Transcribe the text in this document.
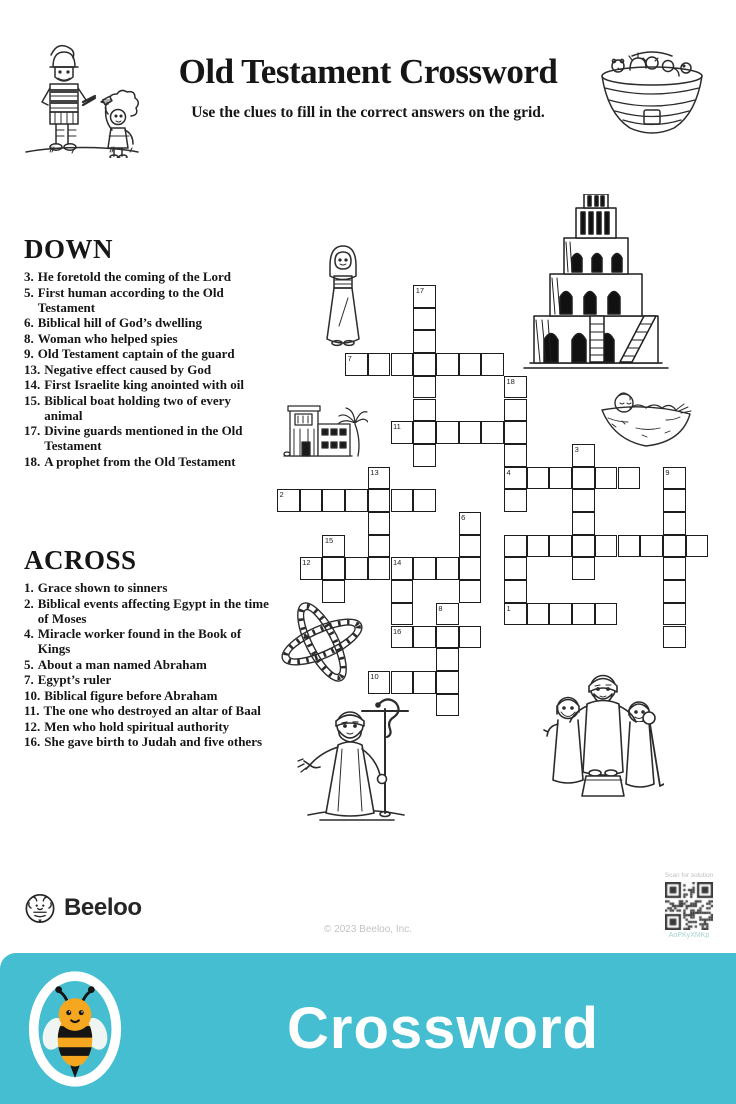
Old Testament Crossword
Use the clues to fill in the correct answers on the grid.
DOWN
3. He foretold the coming of the Lord
5. First human according to the Old Testament
6. Biblical hill of God’s dwelling
8. Woman who helped spies
9. Old Testament captain of the guard
13. Negative effect caused by God
14. First Israelite king anointed with oil
15. Biblical boat holding two of every animal
17. Divine guards mentioned in the Old Testament
18. A prophet from the Old Testament
ACROSS
1. Grace shown to sinners
2. Biblical events affecting Egypt in the time of Moses
4. Miracle worker found in the Book of Kings
5. About a man named Abraham
7. Egypt’s ruler
10. Biblical figure before Abraham
11. The one who destroyed an altar of Baal
12. Men who hold spiritual authority
16. She gave birth to Judah and five others
17
7
18
11
3
4	9
13
2
6
15
12	14
1
8
16
10
Beeloo
© 2023 Beeloo, Inc.
Scan for solution
AoPKyXMKp
Crossword
